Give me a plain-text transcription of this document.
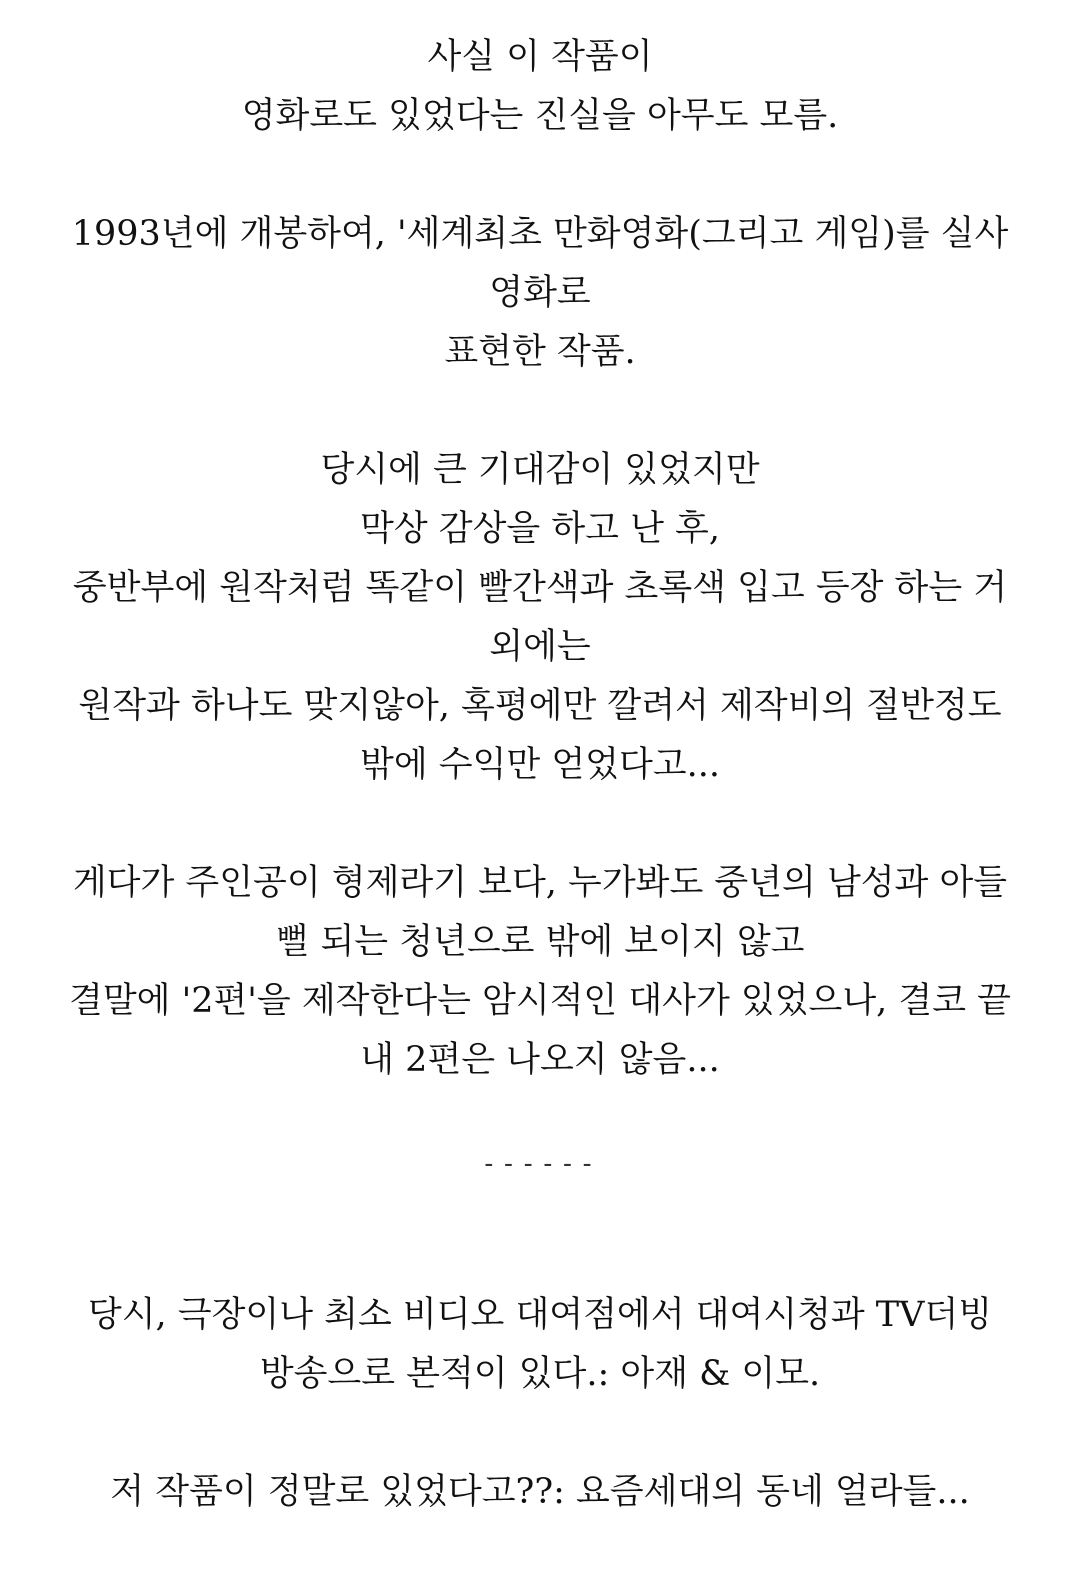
사실 이 작품이
영화로도 있었다는 진실을 아무도 모름.
1993년에 개봉하여, '세계최초 만화영화(그리고 게임)를 실사
영화로
표현한 작품.
당시에 큰 기대감이 있었지만
막상 감상을 하고 난 후,
중반부에 원작처럼 똑같이 빨간색과 초록색 입고 등장 하는 거
외에는
원작과 하나도 맞지않아, 혹평에만 깔려서 제작비의 절반정도
밖에 수익만 얻었다고...
게다가 주인공이 형제라기 보다, 누가봐도 중년의 남성과 아들
뻘 되는 청년으로 밖에 보이지 않고
결말에 '2편'을 제작한다는 암시적인 대사가 있었으나, 결코 끝
내 2편은 나오지 않음...
------
당시, 극장이나 최소 비디오 대여점에서 대여시청과 TV더빙
방송으로 본적이 있다.: 아재 & 이모.
저 작품이 정말로 있었다고??: 요즘세대의 동네 얼라들...
